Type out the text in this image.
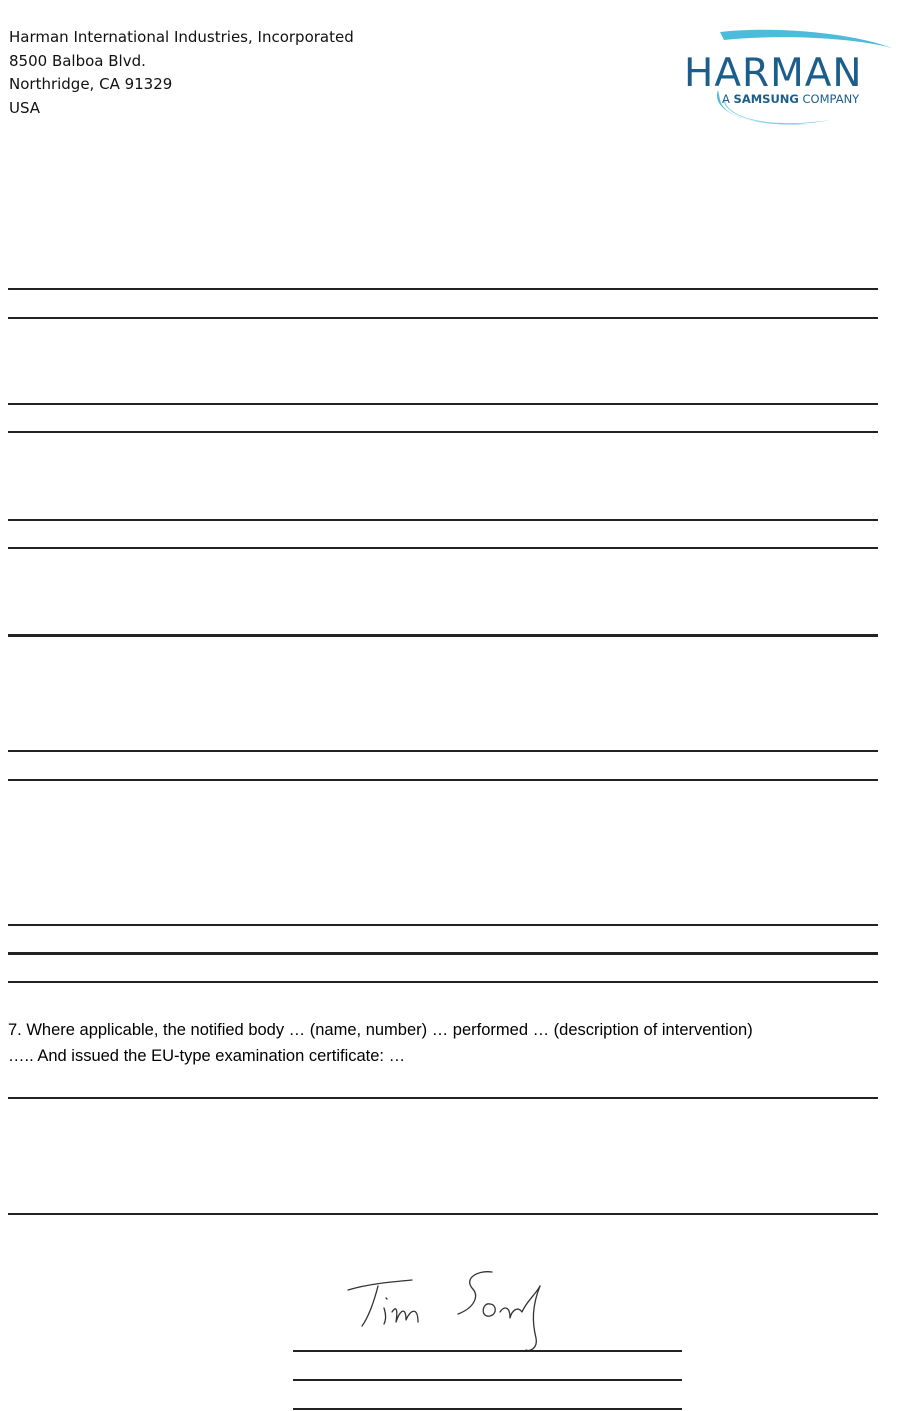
Harman International Industries, Incorporated
8500 Balboa Blvd.
Northridge, CA 91329
USA
HARMAN
A SAMSUNG COMPANY
7. Where applicable, the notified body … (name, number) … performed … (description of intervention)
….. And issued the EU-type examination certificate: …
